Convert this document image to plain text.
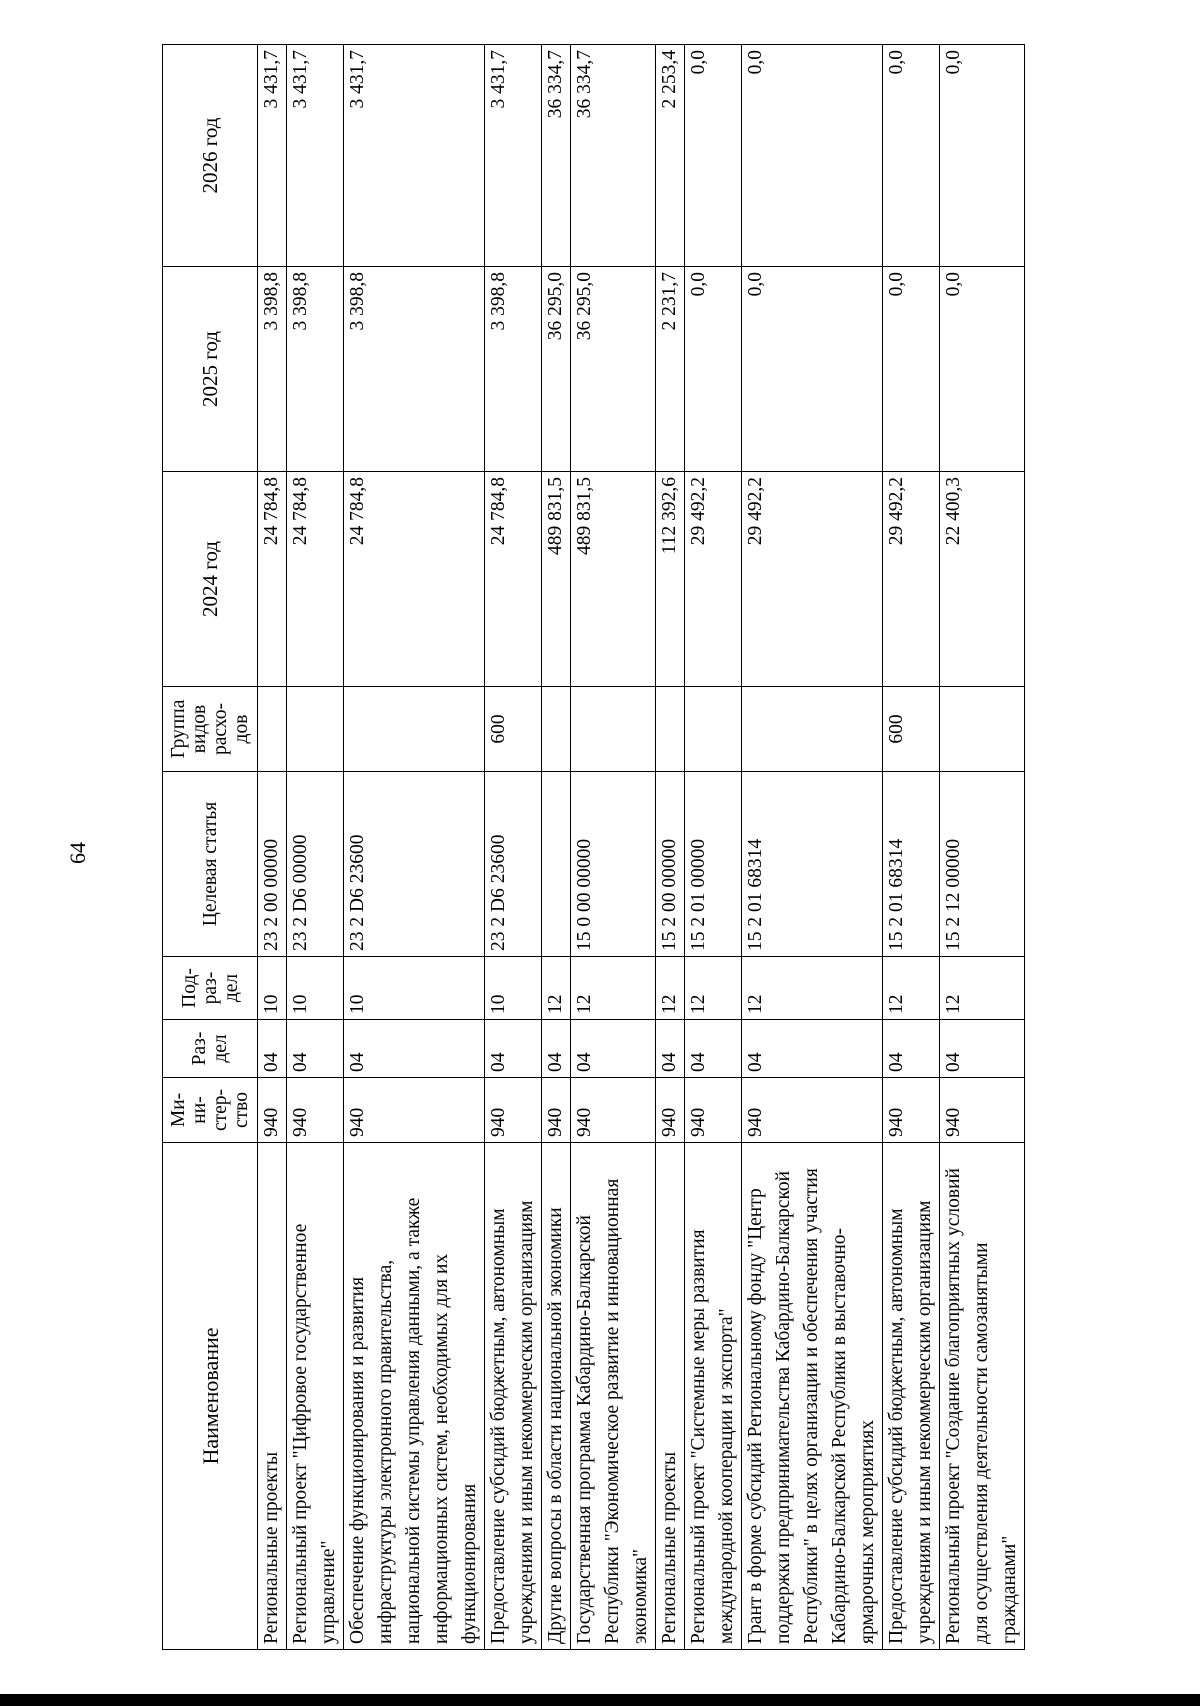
64
Наименование	Ми-
ни-
стер-
ство	Раз-
дел	Под-
раз-
дел	Целевая статья	Группа
видов
расхо-
дов	2024 год	2025 год	2026 год
Региональные проекты	940	04	10	23 2 00 00000		24 784,8	3 398,8	3 431,7
Региональный проект "Цифровое государственное управление"	940	04	10	23 2 D6 00000		24 784,8	3 398,8	3 431,7
Обеспечение функционирования и развития инфраструктуры электронного правительства, национальной системы управления данными, а также информационных систем, необходимых для их функционирования	940	04	10	23 2 D6 23600		24 784,8	3 398,8	3 431,7
Предоставление субсидий бюджетным, автономным учреждениям и иным некоммерческим организациям	940	04	10	23 2 D6 23600	600	24 784,8	3 398,8	3 431,7
Другие вопросы в области национальной экономики	940	04	12			489 831,5	36 295,0	36 334,7
Государственная программа Кабардино-Балкарской Республики "Экономическое развитие и инновационная экономика"	940	04	12	15 0 00 00000		489 831,5	36 295,0	36 334,7
Региональные проекты	940	04	12	15 2 00 00000		112 392,6	2 231,7	2 253,4
Региональный проект "Системные меры развития международной кооперации и экспорта"	940	04	12	15 2 01 00000		29 492,2	0,0	0,0
Грант в форме субсидий Региональному фонду "Центр поддержки предпринимательства Кабардино-Балкарской Республики" в целях организации и обеспечения участия Кабардино-Балкарской Республики в выставочно-ярмарочных мероприятиях	940	04	12	15 2 01 68314		29 492,2	0,0	0,0
Предоставление субсидий бюджетным, автономным учреждениям и иным некоммерческим организациям	940	04	12	15 2 01 68314	600	29 492,2	0,0	0,0
Региональный проект "Создание благоприятных условий для осуществления деятельности самозанятыми гражданами"	940	04	12	15 2 12 00000		22 400,3	0,0	0,0
